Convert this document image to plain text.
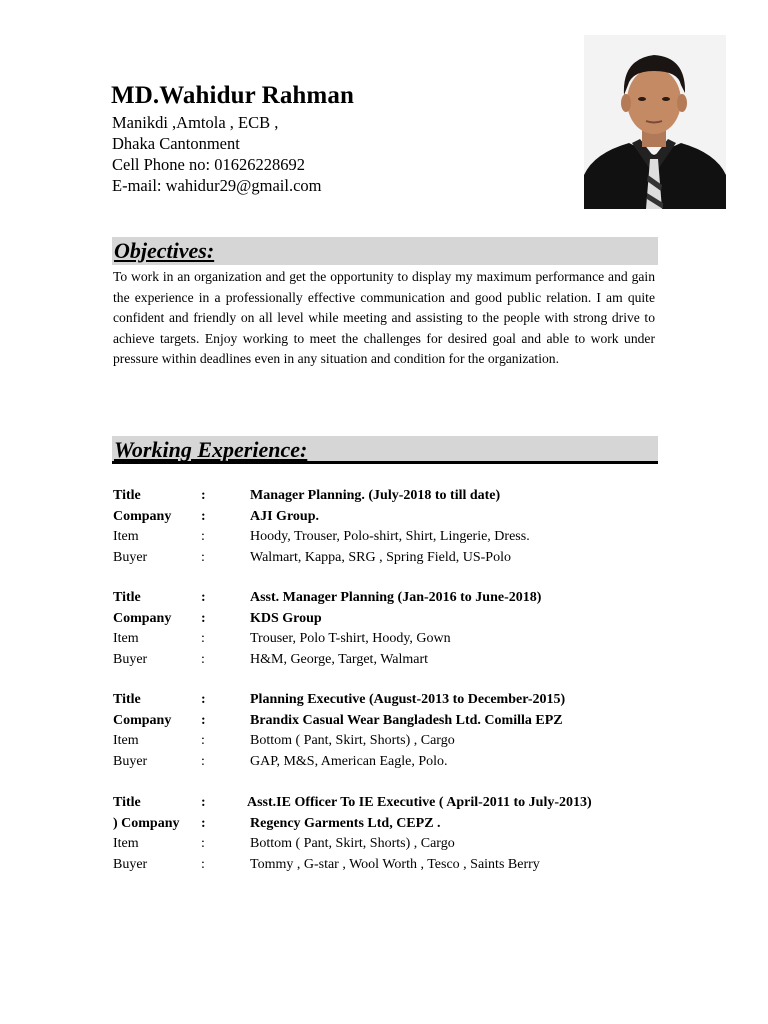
MD.Wahidur Rahman
Manikdi ,Amtola , ECB ,
Dhaka Cantonment
Cell Phone no: 01626228692
E-mail: wahidur29@gmail.com
Objectives:
To work in an organization and get the opportunity to display my maximum performance and gain the experience in a professionally effective communication and good public relation. I am quite confident and friendly on all level while meeting and assisting to the people with strong drive to achieve targets. Enjoy working to meet the challenges for desired goal and able to work under pressure within deadlines even in any situation and condition for the organization.
Working Experience:
Title	:	Manager Planning. (July-2018 to till date)
Company :	AJI Group.
Item	:	Hoody, Trouser, Polo-shirt, Shirt, Lingerie, Dress.
Buyer	:	Walmart, Kappa, SRG , Spring Field, US-Polo
Title	:	Asst. Manager Planning (Jan-2016 to June-2018)
Company :	KDS Group
Item	:	Trouser, Polo T-shirt, Hoody, Gown
Buyer	:	H&M, George, Target, Walmart
Title	:	Planning Executive (August-2013 to December-2015)
Company :	Brandix Casual Wear Bangladesh Ltd. Comilla EPZ
Item	:	Bottom ( Pant, Skirt, Shorts) , Cargo
Buyer	:	GAP, M&S, American Eagle, Polo.
Title	:	Asst.IE Officer To IE Executive ( April-2011 to July-2013)
) Company :	Regency Garments Ltd, CEPZ .
Item	:	Bottom ( Pant, Skirt, Shorts) , Cargo
Buyer	:	Tommy , G-star , Wool Worth , Tesco , Saints Berry
